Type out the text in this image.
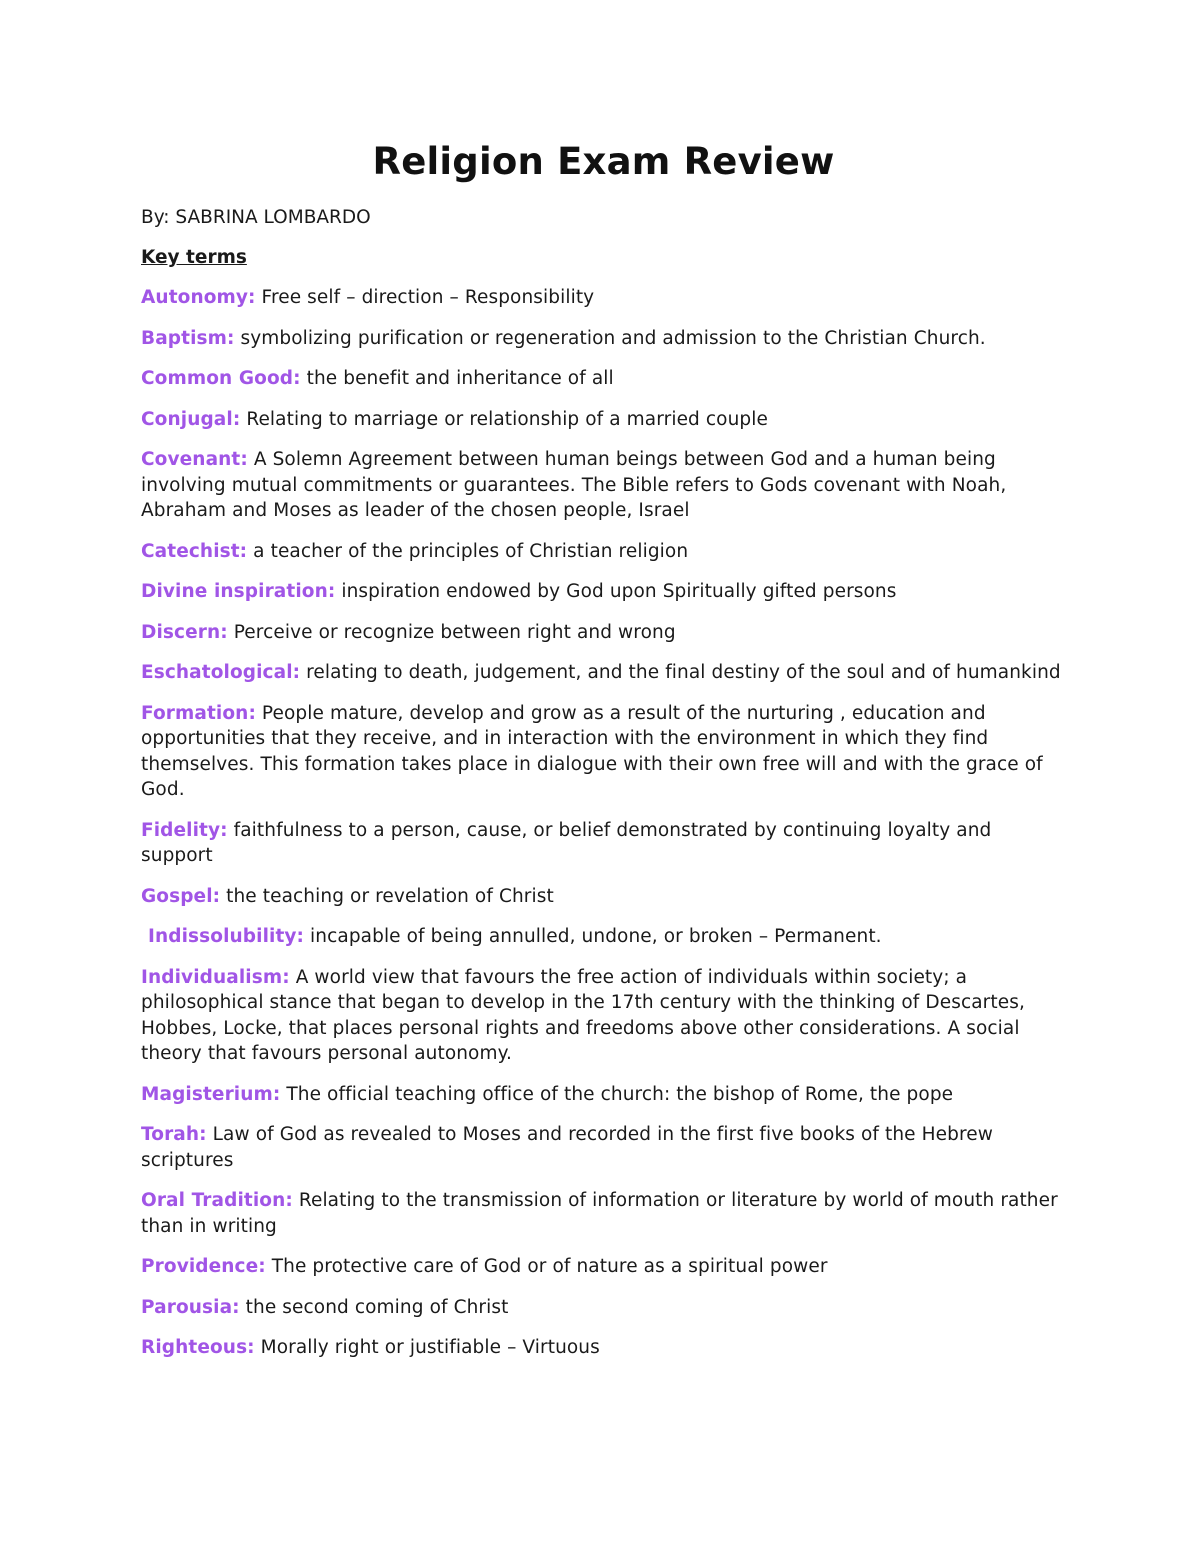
Religion Exam Review

By: SABRINA LOMBARDO

Key terms

Autonomy: Free self – direction – Responsibility
Baptism: symbolizing purification or regeneration and admission to the Christian Church.
Common Good: the benefit and inheritance of all
Conjugal: Relating to marriage or relationship of a married couple
Covenant: A Solemn Agreement between human beings between God and a human being involving mutual commitments or guarantees. The Bible refers to Gods covenant with Noah, Abraham and Moses as leader of the chosen people, Israel
Catechist: a teacher of the principles of Christian religion
Divine inspiration: inspiration endowed by God upon Spiritually gifted persons
Discern: Perceive or recognize between right and wrong
Eschatological: relating to death, judgement, and the final destiny of the soul and of humankind
Formation: People mature, develop and grow as a result of the nurturing , education and opportunities that they receive, and in interaction with the environment in which they find themselves. This formation takes place in dialogue with their own free will and with the grace of God.
Fidelity: faithfulness to a person, cause, or belief demonstrated by continuing loyalty and support
Gospel: the teaching or revelation of Christ
Indissolubility: incapable of being annulled, undone, or broken – Permanent.
Individualism: A world view that favours the free action of individuals within society; a philosophical stance that began to develop in the 17th century with the thinking of Descartes, Hobbes, Locke, that places personal rights and freedoms above other considerations. A social theory that favours personal autonomy.
Magisterium: The official teaching office of the church: the bishop of Rome, the pope
Torah: Law of God as revealed to Moses and recorded in the first five books of the Hebrew scriptures
Oral Tradition: Relating to the transmission of information or literature by world of mouth rather than in writing
Providence: The protective care of God or of nature as a spiritual power
Parousia: the second coming of Christ
Righteous: Morally right or justifiable – Virtuous
